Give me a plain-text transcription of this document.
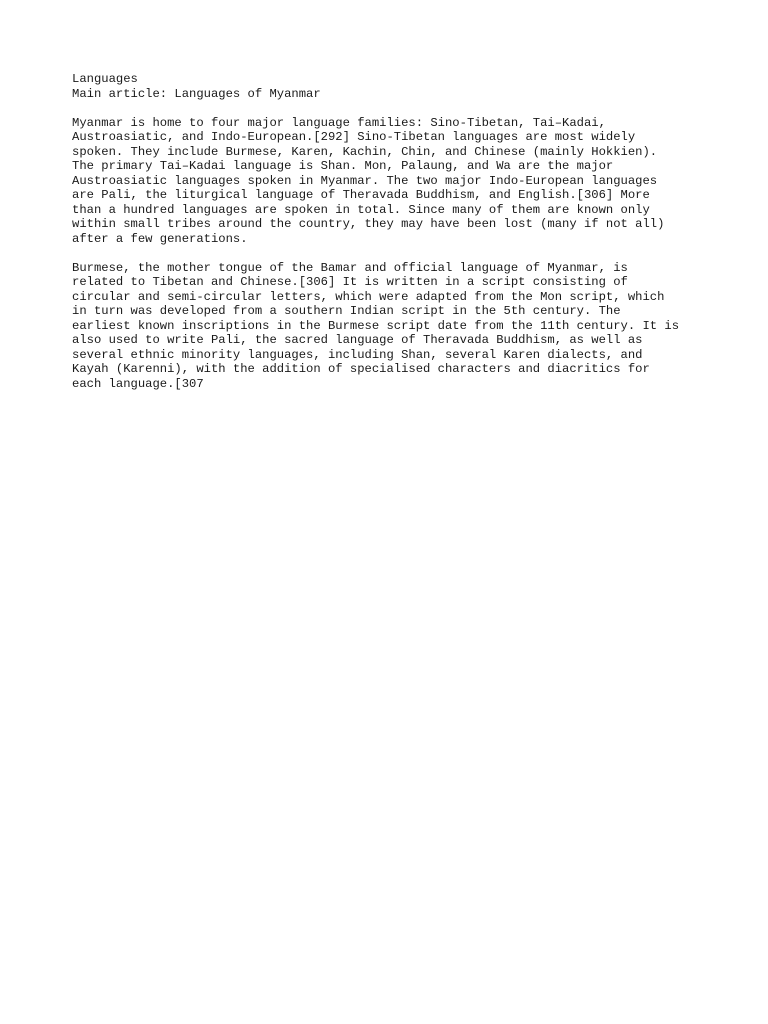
Languages
Main article: Languages of Myanmar
Myanmar is home to four major language families: Sino-Tibetan, Tai–Kadai,
Austroasiatic, and Indo-European.[292] Sino-Tibetan languages are most widely
spoken. They include Burmese, Karen, Kachin, Chin, and Chinese (mainly Hokkien).
The primary Tai–Kadai language is Shan. Mon, Palaung, and Wa are the major
Austroasiatic languages spoken in Myanmar. The two major Indo-European languages
are Pali, the liturgical language of Theravada Buddhism, and English.[306] More
than a hundred languages are spoken in total. Since many of them are known only
within small tribes around the country, they may have been lost (many if not all)
after a few generations.
Burmese, the mother tongue of the Bamar and official language of Myanmar, is
related to Tibetan and Chinese.[306] It is written in a script consisting of
circular and semi-circular letters, which were adapted from the Mon script, which
in turn was developed from a southern Indian script in the 5th century. The
earliest known inscriptions in the Burmese script date from the 11th century. It is
also used to write Pali, the sacred language of Theravada Buddhism, as well as
several ethnic minority languages, including Shan, several Karen dialects, and
Kayah (Karenni), with the addition of specialised characters and diacritics for
each language.[307
